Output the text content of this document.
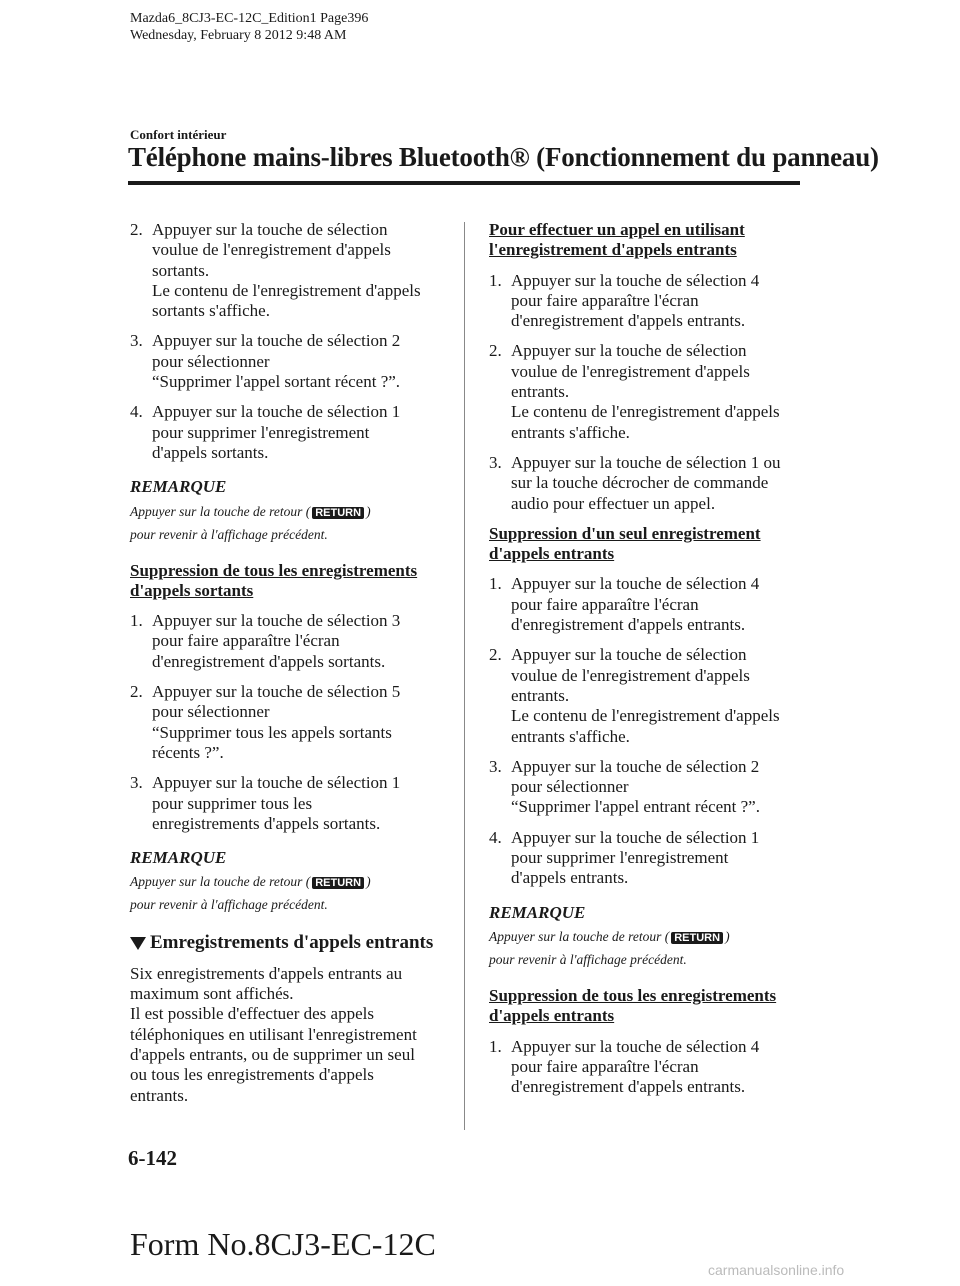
Mazda6_8CJ3-EC-12C_Edition1 Page396
Wednesday, February 8 2012 9:48 AM
Confort intérieur
Téléphone mains-libres Bluetooth® (Fonctionnement du panneau)
2. Appuyer sur la touche de sélection
voulue de l'enregistrement d'appels
sortants.
Le contenu de l'enregistrement d'appels
sortants s'affiche.
3. Appuyer sur la touche de sélection 2
pour sélectionner
“Supprimer l'appel sortant récent ?”.
4. Appuyer sur la touche de sélection 1
pour supprimer l'enregistrement
d'appels sortants.
REMARQUE
Appuyer sur la touche de retour ( RETURN )
pour revenir à l'affichage précédent.
Suppression de tous les enregistrements
d'appels sortants
1. Appuyer sur la touche de sélection 3
pour faire apparaître l'écran
d'enregistrement d'appels sortants.
2. Appuyer sur la touche de sélection 5
pour sélectionner
“Supprimer tous les appels sortants
récents ?”.
3. Appuyer sur la touche de sélection 1
pour supprimer tous les
enregistrements d'appels sortants.
REMARQUE
Appuyer sur la touche de retour ( RETURN )
pour revenir à l'affichage précédent.
Emregistrements d'appels entrants
Six enregistrements d'appels entrants au
maximum sont affichés.
Il est possible d'effectuer des appels
téléphoniques en utilisant l'enregistrement
d'appels entrants, ou de supprimer un seul
ou tous les enregistrements d'appels
entrants.
Pour effectuer un appel en utilisant
l'enregistrement d'appels entrants
1. Appuyer sur la touche de sélection 4
pour faire apparaître l'écran
d'enregistrement d'appels entrants.
2. Appuyer sur la touche de sélection
voulue de l'enregistrement d'appels
entrants.
Le contenu de l'enregistrement d'appels
entrants s'affiche.
3. Appuyer sur la touche de sélection 1 ou
sur la touche décrocher de commande
audio pour effectuer un appel.
Suppression d'un seul enregistrement
d'appels entrants
1. Appuyer sur la touche de sélection 4
pour faire apparaître l'écran
d'enregistrement d'appels entrants.
2. Appuyer sur la touche de sélection
voulue de l'enregistrement d'appels
entrants.
Le contenu de l'enregistrement d'appels
entrants s'affiche.
3. Appuyer sur la touche de sélection 2
pour sélectionner
“Supprimer l'appel entrant récent ?”.
4. Appuyer sur la touche de sélection 1
pour supprimer l'enregistrement
d'appels entrants.
REMARQUE
Appuyer sur la touche de retour ( RETURN )
pour revenir à l'affichage précédent.
Suppression de tous les enregistrements
d'appels entrants
1. Appuyer sur la touche de sélection 4
pour faire apparaître l'écran
d'enregistrement d'appels entrants.
6-142
Form No.8CJ3-EC-12C
carmanualsonline.info
